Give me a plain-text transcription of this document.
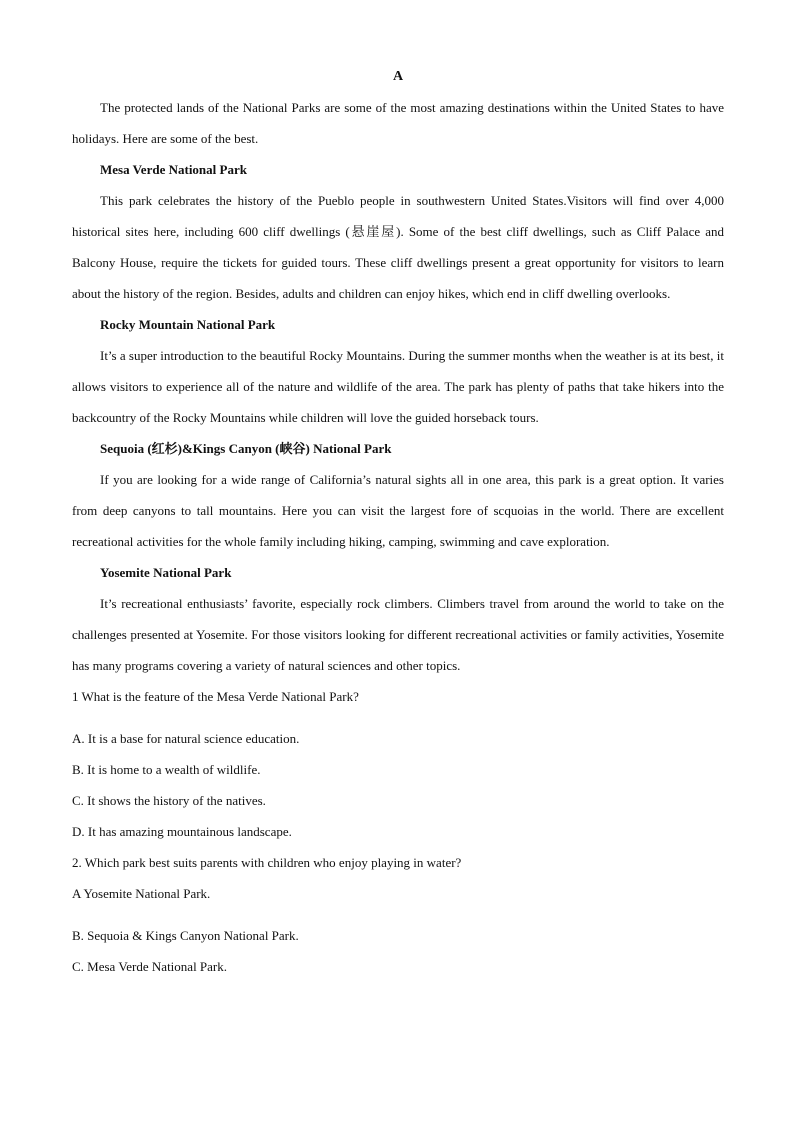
A

The protected lands of the National Parks are some of the most amazing destinations within the United States to have holidays. Here are some of the best.

Mesa Verde National Park

This park celebrates the history of the Pueblo people in southwestern United States.Visitors will find over 4,000 historical sites here, including 600 cliff dwellings (悬崖屋). Some of the best cliff dwellings, such as Cliff Palace and Balcony House, require the tickets for guided tours. These cliff dwellings present a great opportunity for visitors to learn about the history of the region. Besides, adults and children can enjoy hikes, which end in cliff dwelling overlooks.

Rocky Mountain National Park

It’s a super introduction to the beautiful Rocky Mountains. During the summer months when the weather is at its best, it allows visitors to experience all of the nature and wildlife of the area. The park has plenty of paths that take hikers into the backcountry of the Rocky Mountains while children will love the guided horseback tours.

Sequoia (红杉)&Kings Canyon (峡谷) National Park

If you are looking for a wide range of California’s natural sights all in one area, this park is a great option. It varies from deep canyons to tall mountains. Here you can visit the largest fore of scquoias in the world. There are excellent recreational activities for the whole family including hiking, camping, swimming and cave exploration.

Yosemite National Park

It’s recreational enthusiasts’ favorite, especially rock climbers. Climbers travel from around the world to take on the challenges presented at Yosemite. For those visitors looking for different recreational activities or family activities, Yosemite has many programs covering a variety of natural sciences and other topics.

1 What is the feature of the Mesa Verde National Park?

A. It is a base for natural science education.

B. It is home to a wealth of wildlife.

C. It shows the history of the natives.

D. It has amazing mountainous landscape.

2. Which park best suits parents with children who enjoy playing in water?

A Yosemite National Park.

B. Sequoia & Kings Canyon National Park.

C. Mesa Verde National Park.
